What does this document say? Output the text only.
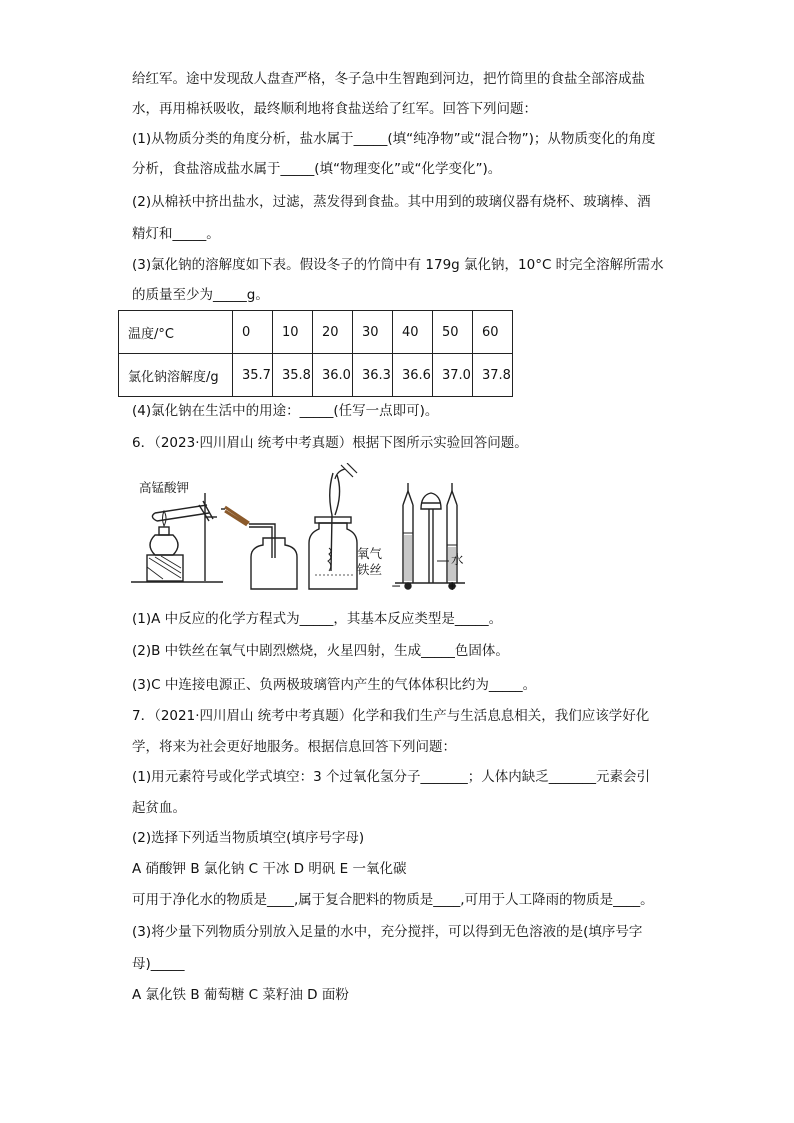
给红军。途中发现敌人盘查严格，冬子急中生智跑到河边，把竹筒里的食盐全部溶成盐
水，再用棉袄吸收，最终顺利地将食盐送给了红军。回答下列问题：
(1)从物质分类的角度分析，盐水属于_____(填“纯净物”或“混合物”)；从物质变化的角度
分析，食盐溶成盐水属于_____(填“物理变化”或“化学变化”)。
(2)从棉袄中挤出盐水，过滤，蒸发得到食盐。其中用到的玻璃仪器有烧杯、玻璃棒、酒
精灯和_____。
(3)氯化钠的溶解度如下表。假设冬子的竹筒中有 179g 氯化钠，10°C 时完全溶解所需水
的质量至少为_____g。
温度/°C	0	10	20	30	40	50	60
氯化钠溶解度/g	35.7	35.8	36.0	36.3	36.6	37.0	37.8
(4)氯化钠在生活中的用途：_____(任写一点即可)。
6．（2023·四川眉山 统考中考真题）根据下图所示实验回答问题。
高锰酸钾
氧气
铁丝
水
−	+
(1)A 中反应的化学方程式为_____，其基本反应类型是_____。
(2)B 中铁丝在氧气中剧烈燃烧，火星四射，生成_____色固体。
(3)C 中连接电源正、负两极玻璃管内产生的气体体积比约为_____。
7．（2021·四川眉山 统考中考真题）化学和我们生产与生活息息相关，我们应该学好化
学，将来为社会更好地服务。根据信息回答下列问题：
(1)用元素符号或化学式填空：3 个过氧化氢分子_______；人体内缺乏_______元素会引
起贫血。
(2)选择下列适当物质填空(填序号字母)
A 硝酸钾 B 氯化钠 C 干冰 D 明矾 E 一氧化碳
可用于净化水的物质是____,属于复合肥料的物质是____,可用于人工降雨的物质是____。
(3)将少量下列物质分别放入足量的水中，充分搅拌，可以得到无色溶液的是(填序号字
母)_____
A 氯化铁 B 葡萄糖 C 菜籽油 D 面粉
